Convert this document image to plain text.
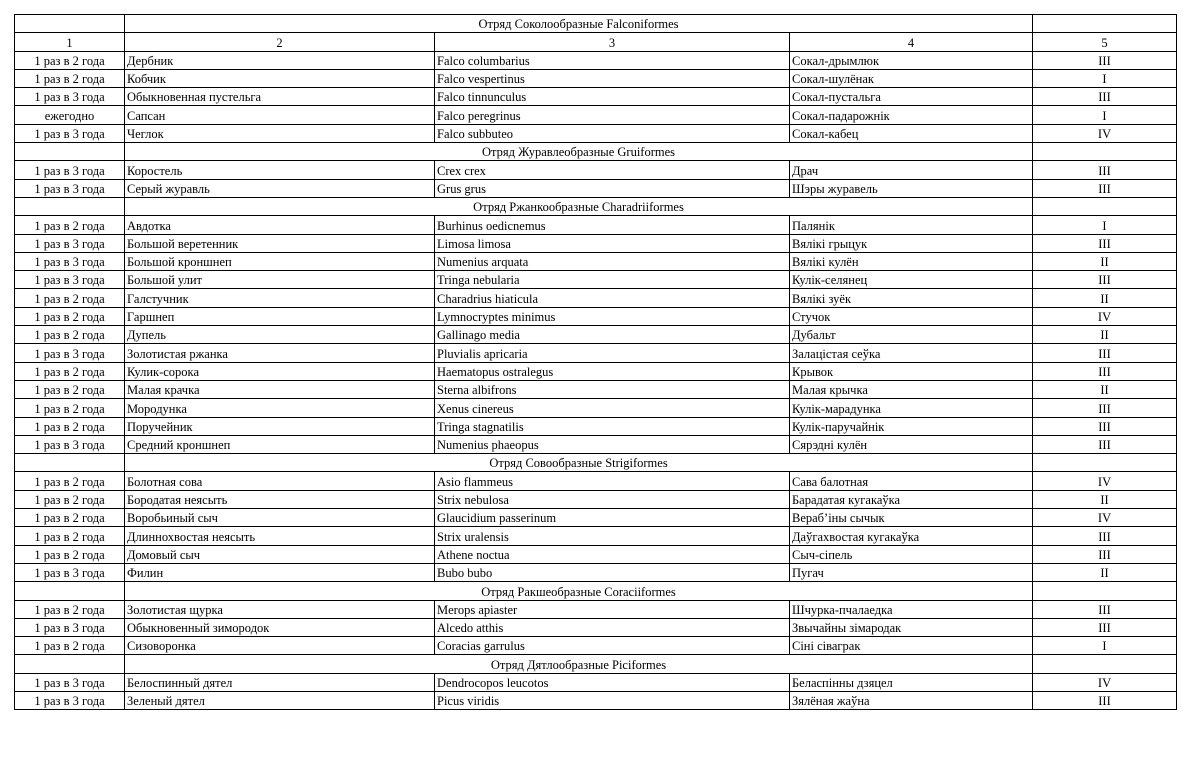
	Отряд Соколообразные Falconiformes			
1	2	3	4	5
1 раз в 2 года	Дербник	Falco columbarius	Сокал-дрымлюк	III
1 раз в 2 года	Кобчик	Falco vespertinus	Сокал-шулёнак	I
1 раз в 3 года	Обыкновенная пустельга	Falco tinnunculus	Сокал-пустальга	III
ежегодно	Сапсан	Falco peregrinus	Сокал-падарожнік	I
1 раз в 3 года	Чеглок	Falco subbuteo	Сокал-кабец	IV
	Отряд Журавлеобразные Gruiformes			
1 раз в 3 года	Коростель	Crex crex	Драч	III
1 раз в 3 года	Серый журавль	Grus grus	Шэры журавель	III
	Отряд Ржанкообразные Charadriiformes			
1 раз в 2 года	Авдотка	Burhinus oedicnemus	Палянік	I
1 раз в 3 года	Большой веретенник	Limosa limosa	Вялікі грыцук	III
1 раз в 3 года	Большой кроншнеп	Numenius arquata	Вялікі кулён	II
1 раз в 3 года	Большой улит	Tringa nebularia	Кулік-селянец	III
1 раз в 2 года	Галстучник	Charadrius hiaticula	Вялікі зуёк	II
1 раз в 2 года	Гаршнеп	Lymnocryptes minimus	Стучок	IV
1 раз в 2 года	Дупель	Gallinago media	Дубальт	II
1 раз в 3 года	Золотистая ржанка	Pluvialis apricaria	Залацістая сеўка	III
1 раз в 2 года	Кулик-сорока	Haematopus ostralegus	Крывок	III
1 раз в 2 года	Малая крачка	Sterna albifrons	Малая крычка	II
1 раз в 2 года	Мородунка	Xenus cinereus	Кулік-марадунка	III
1 раз в 2 года	Поручейник	Tringa stagnatilis	Кулік-паручайнік	III
1 раз в 3 года	Средний кроншнеп	Numenius phaeopus	Сярэдні кулён	III
	Отряд Совообразные Strigiformes			
1 раз в 2 года	Болотная сова	Asio flammeus	Сава балотная	IV
1 раз в 2 года	Бородатая неясыть	Strix nebulosa	Барадатая кугакаўка	II
1 раз в 2 года	Воробьиный сыч	Glaucidium passerinum	Вераб’іны сычык	IV
1 раз в 2 года	Длиннохвостая неясыть	Strix uralensis	Даўгахвостая кугакаўка	III
1 раз в 2 года	Домовый сыч	Athene noctua	Сыч-сіпель	III
1 раз в 3 года	Филин	Bubo bubo	Пугач	II
	Отряд Ракшеобразные Coraciiformes			
1 раз в 2 года	Золотистая щурка	Merops apiaster	Шчурка-пчалаедка	III
1 раз в 3 года	Обыкновенный зимородок	Alcedo atthis	Звычайны зімародак	III
1 раз в 2 года	Сизоворонка	Coracias garrulus	Сіні сіваграк	I
	Отряд Дятлообразные Piciformes			
1 раз в 3 года	Белоспинный дятел	Dendrocopos leucotos	Беласпінны дзяцел	IV
1 раз в 3 года	Зеленый дятел	Picus viridis	Зялёная жаўна	III
